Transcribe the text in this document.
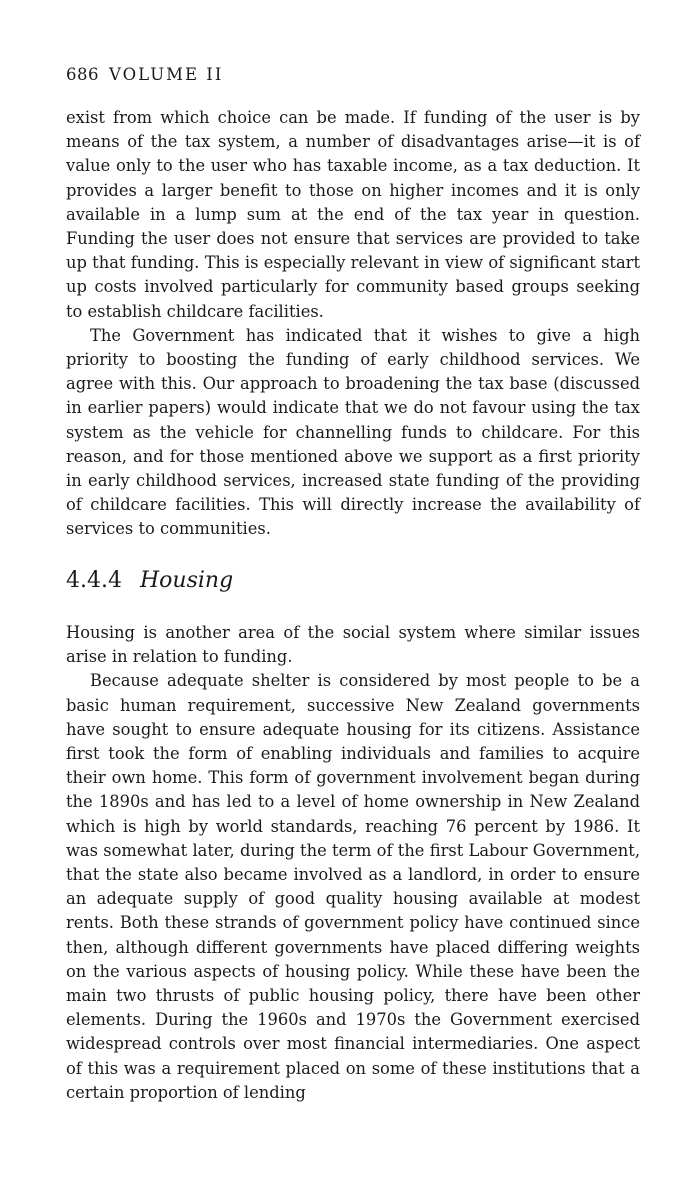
686 VOLUME II

exist from which choice can be made. If funding of the user is by means of the tax system, a number of disadvantages arise—it is of value only to the user who has taxable income, as a tax deduction. It provides a larger benefit to those on higher incomes and it is only available in a lump sum at the end of the tax year in question. Funding the user does not ensure that services are provided to take up that funding. This is especially relevant in view of significant start up costs involved particularly for community based groups seeking to establish childcare facilities.

The Government has indicated that it wishes to give a high priority to boosting the funding of early childhood services. We agree with this. Our approach to broadening the tax base (discussed in earlier papers) would indicate that we do not favour using the tax system as the vehicle for channelling funds to childcare. For this reason, and for those mentioned above we support as a first priority in early childhood services, increased state funding of the providing of childcare facilities. This will directly increase the availability of services to communities.

4.4.4 Housing

Housing is another area of the social system where similar issues arise in relation to funding.

Because adequate shelter is considered by most people to be a basic human requirement, successive New Zealand governments have sought to ensure adequate housing for its citizens. Assistance first took the form of enabling individuals and families to acquire their own home. This form of government involvement began during the 1890s and has led to a level of home ownership in New Zealand which is high by world standards, reaching 76 percent by 1986. It was somewhat later, during the term of the first Labour Government, that the state also became involved as a landlord, in order to ensure an adequate supply of good quality housing available at modest rents. Both these strands of government policy have continued since then, although different governments have placed differing weights on the various aspects of housing policy. While these have been the main two thrusts of public housing policy, there have been other elements. During the 1960s and 1970s the Government exercised widespread controls over most financial intermediaries. One aspect of this was a requirement placed on some of these institutions that a certain proportion of lending
